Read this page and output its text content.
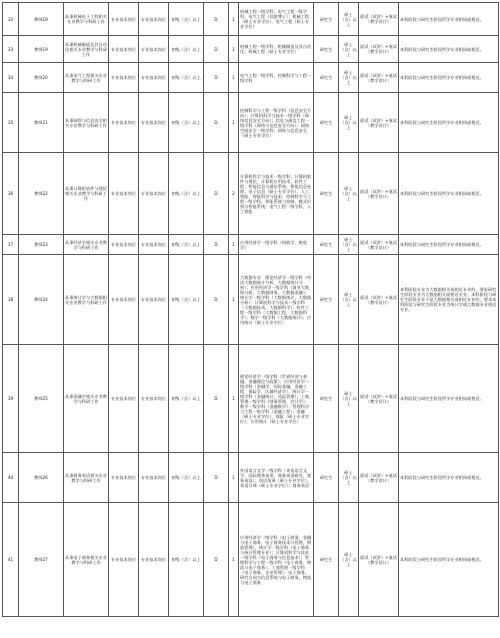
32	教师19	从事机械电子工程相关专业教学与科研工作	专业技术岗位	专业技术岗位	初级（含）以上	D	1	机械工程一级学科；电气工程一级学科，电气工程（仅限博士）；机械工程（硕士专业学位），电气工程（硕士专业学位）	研究生	硕士（含）以上	面试（试讲）+笔试（教学设计）	本科阶段与研究生阶段所学专业相同或相近。
33	教师19	从事机械制造及其自动化相关专业教学与科研工作	专业技术岗位	专业技术岗位	初级（含）以上	D	1	机械工程一级学科，机械制造及其自动化；机械工程（硕士专业学位）	研究生	硕士（含）以上	面试（试讲）+笔试（教学设计）	本科阶段与研究生阶段所学专业相同或相近。
34	教师20	从事电气工程相关专业教学与科研工作	专业技术岗位	专业技术岗位	初级（含）以上	D	1	电气工程一级学科，控制科学与工程一级学科	研究生	硕士（含）以上	面试（试讲）+笔试（教学设计）	本科阶段与研究生阶段所学专业相同或相近。
35	教师21	从事网络与信息安全相关专业教学与科研工作	专业技术岗位	专业技术岗位	初级（含）以上	D	1	控制科学与工程一级学科（信息安全方向）；计算机科学与技术一级学科（网络信息安全方向）；信息与通信工程一级学科（网络与信息安全方向）；网络空间安全一级学科；网络与信息安全（硕士专业学位）	研究生	硕士（含）以上	面试（试讲）+笔试（教学设计）	本科阶段与研究生阶段所学专业相同或相近。
36	教师22	从事计算机软件与理论相关专业教学与科研工作	专业技术岗位	专业技术岗位	初级（含）以上	D	2	计算机科学与技术一级学科；计算机软件与理论，计算机应用技术，软件工程；智能信息与通信系统，智能信息处理；电子信息（硕士专业学位）；人工智能，智能科学与技术；控制科学与工程一级学科，智能系统与控制，模式识别与智能系统；电气工程一级学科，人工智能	研究生	硕士（含）以上	面试（试讲）+笔试（教学设计）	本科阶段与研究生阶段所学专业相同或相近。
37	教师23	从事经济学相关专业教学与科研工作	专业技术岗位	专业技术岗位	初级（含）以上	D	1	应用经济学一级学科（财政学，税收学）	研究生	硕士（含）以上	面试（试讲）+笔试（教学设计）	本科阶段与研究生阶段所学专业相同或相近。
38	教师24	从事统计学与大数据相关专业教学与科研工作	专业技术岗位	专业技术岗位	初级（含）以上	D	1	大数据专业：理论经济学一级学科（经济大数据统计分析，大数据统计分析）；应用经济学一级学科（商业大数据分析，大数据财务，大数据金融）；统计学一级学科（大数据统计，大数据分析）；计算机科学与技术一级学科（大数据技术，大数据科学）；软件工程一级学科（大数据工程，大数据科学）；数学一级学科（大数据统计）；应用统计（硕士专业学位）	研究生	硕士（含）以上	面试（试讲）+笔试（教学设计）	本科阶段专业为大数据相关或相近专业的，要求研究生阶段专业为大数据相关或相近专业；本科阶段与研究生阶段专业不是大数据相关或相近专业的，要求本科阶段与研究生阶段专业为统计学或大数据专业相近专业。
39	教师25	从事金融学相关专业教学与科研工作	专业技术岗位	专业技术岗位	初级（含）以上	D	1	理论经济学一级学科（世界经济与金融，金融理论与政策）；应用经济学一级学科（金融学，国际金融，金融工程，保险学，区域经济学）；统计学一级学科（金融统计，风险管理）；工商管理一级学科（财务管理，会计学）；数学一级学科（金融数学）；管理科学与工程一级学科（金融工程）；金融（硕士专业学位），保险（硕士专业学位），应用统计（硕士专业学位）	研究生	硕士（含）以上	面试（试讲）+笔试（教学设计）	本科阶段与研究生阶段所学专业相同或相近。
40	教师26	从事商务英语相关专业教学与科研工作	专业技术岗位	专业技术岗位	初级（含）以上	D	1	外国语言文学一级学科（英语语言文学，国际商务英语，商务英语研究，商务英语）；英语笔译（硕士专业学位），英语口译（硕士专业学位）；商务英语	研究生	硕士（含）以上	面试（试讲）+笔试（教学设计）	本科阶段与研究生阶段所学专业相同或相近。
41	教师27	从事电子商务相关专业教学与科研工作	专业技术岗位	专业技术岗位	初级（含）以上	D	1	应用经济学一级学科（电子商务，金融与电子商务，电子商务技术与管理，物流管理），统计学一级学科（电子商务与统计管理专业）；计算机科学与技术一级学科（电子商务与信息技术）；管理科学与工程一级学科（电子商务，物流与电子商务）；工商管理一级学科（电子商务，企业管理）；电子商务，研究方向为信息系统与电子商务，物流与电子商务	研究生	硕士（含）以上	面试（试讲）+笔试（教学设计）	本科阶段与研究生阶段所学专业相同或相近。
